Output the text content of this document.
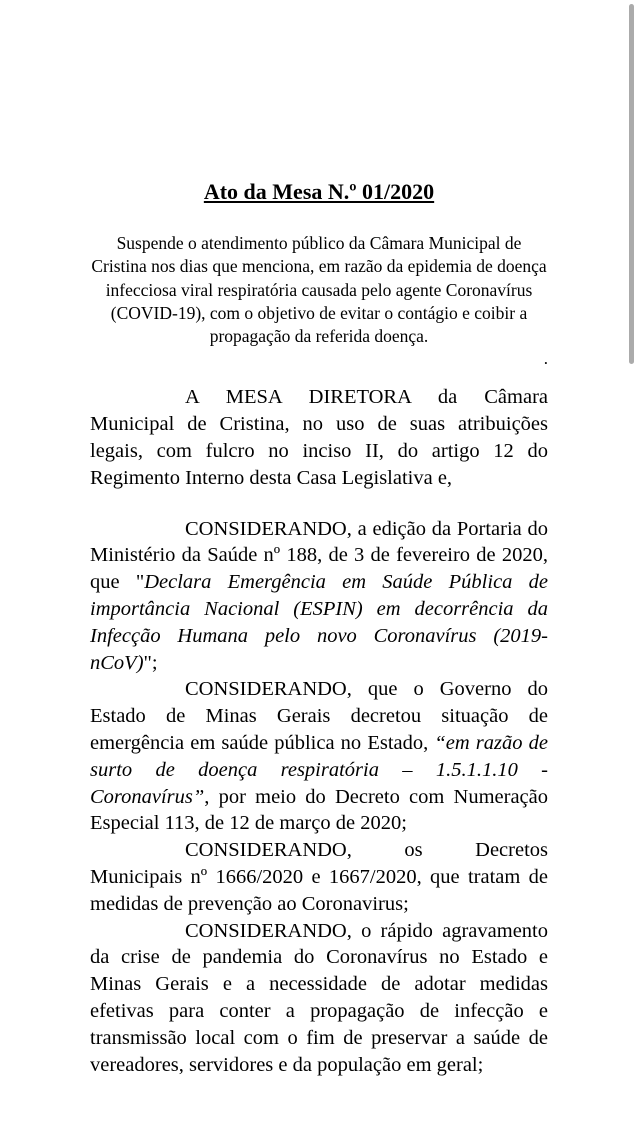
Ato da Mesa N.º 01/2020

Suspende o atendimento público da Câmara Municipal de Cristina nos dias que menciona, em razão da epidemia de doença infecciosa viral respiratória causada pelo agente Coronavírus (COVID-19), com o objetivo de evitar o contágio e coibir a propagação da referida doença.

.

A MESA DIRETORA da Câmara Municipal de Cristina, no uso de suas atribuições legais, com fulcro no inciso II, do artigo 12 do Regimento Interno desta Casa Legislativa e,

CONSIDERANDO, a edição da Portaria do Ministério da Saúde nº 188, de 3 de fevereiro de 2020, que "Declara Emergência em Saúde Pública de importância Nacional (ESPIN) em decorrência da Infecção Humana pelo novo Coronavírus (2019-nCoV)";

CONSIDERANDO, que o Governo do Estado de Minas Gerais decretou situação de emergência em saúde pública no Estado, “em razão de surto de doença respiratória – 1.5.1.1.10 - Coronavírus”, por meio do Decreto com Numeração Especial 113, de 12 de março de 2020;

CONSIDERANDO, os Decretos Municipais nº 1666/2020 e 1667/2020, que tratam de medidas de prevenção ao Coronavirus;

CONSIDERANDO, o rápido agravamento da crise de pandemia do Coronavírus no Estado e Minas Gerais e a necessidade de adotar medidas efetivas para conter a propagação de infecção e transmissão local com o fim de preservar a saúde de vereadores, servidores e da população em geral;
